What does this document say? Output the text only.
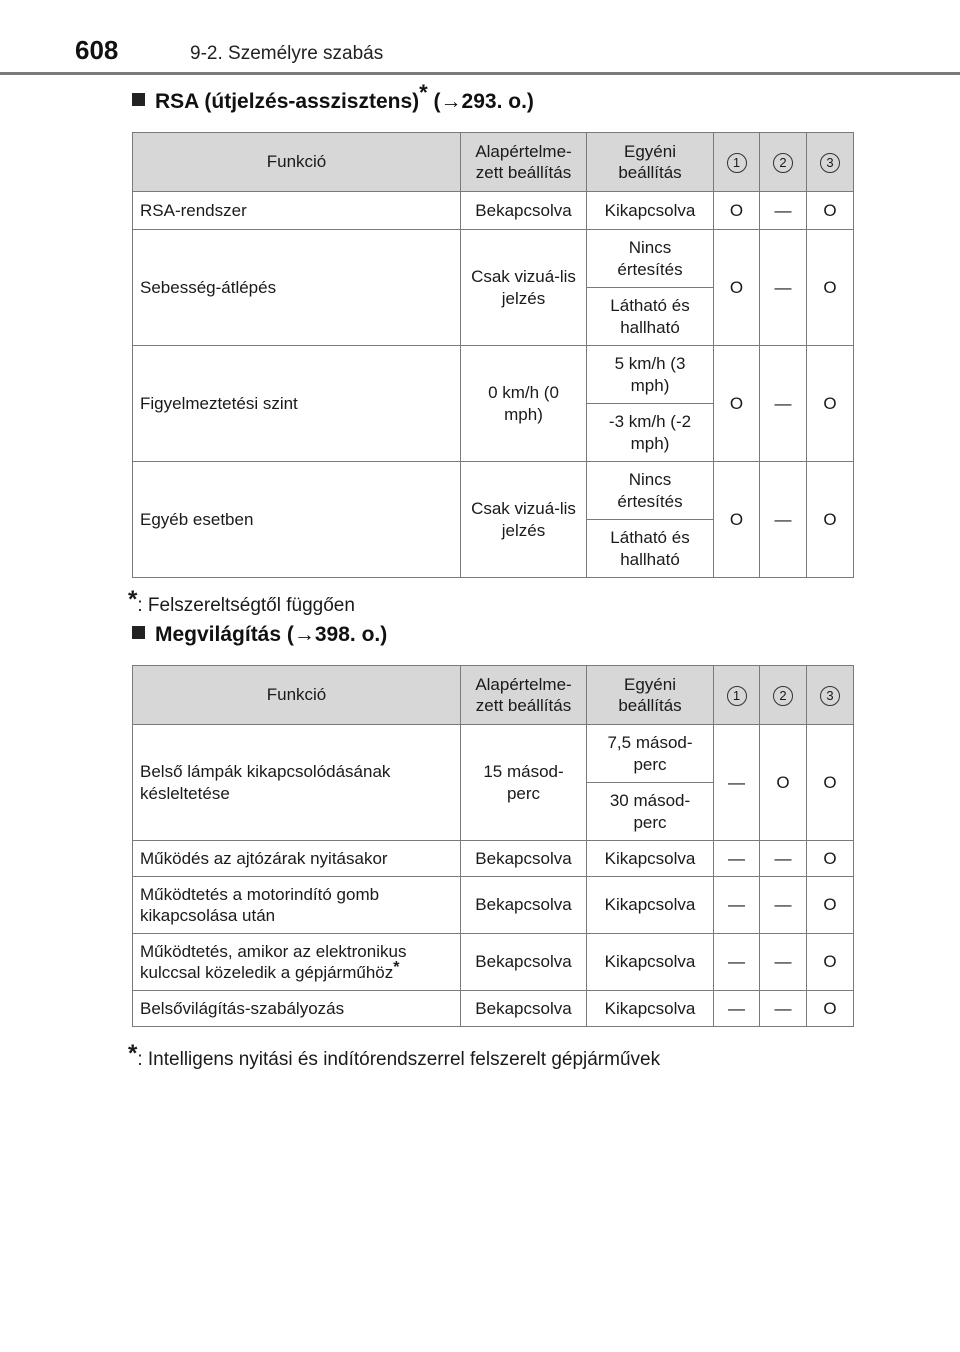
608	9-2. Személyre szabás
RSA (útjelzés-asszisztens)* (→293. o.)
Funkció	Alapértelme-zett beállítás	Egyéni beállítás	1	2	3
RSA-rendszer	Bekapcsolva	Kikapcsolva	O	—	O
Sebesség-átlépés	Csak vizuá-lis jelzés	Nincs értesítés	O	—	O
		Látható és hallható			
Figyelmeztetési szint	0 km/h (0 mph)	5 km/h (3 mph)	O	—	O
		-3 km/h (-2 mph)			
Egyéb esetben	Csak vizuá-lis jelzés	Nincs értesítés	O	—	O
		Látható és hallható			
*: Felszereltségtől függően
Megvilágítás (→398. o.)
Funkció	Alapértelme-zett beállítás	Egyéni beállítás	1	2	3
Belső lámpák kikapcsolódásának késleltetése	15 másod-perc	7,5 másod-perc	—	O	O
		30 másod-perc			
Működés az ajtózárak nyitásakor	Bekapcsolva	Kikapcsolva	—	—	O
Működtetés a motorindító gomb kikapcsolása után	Bekapcsolva	Kikapcsolva	—	—	O
Működtetés, amikor az elektronikus kulccsal közeledik a gépjárműhöz*	Bekapcsolva	Kikapcsolva	—	—	O
Belsővilágítás-szabályozás	Bekapcsolva	Kikapcsolva	—	—	O
*: Intelligens nyitási és indítórendszerrel felszerelt gépjárművek
